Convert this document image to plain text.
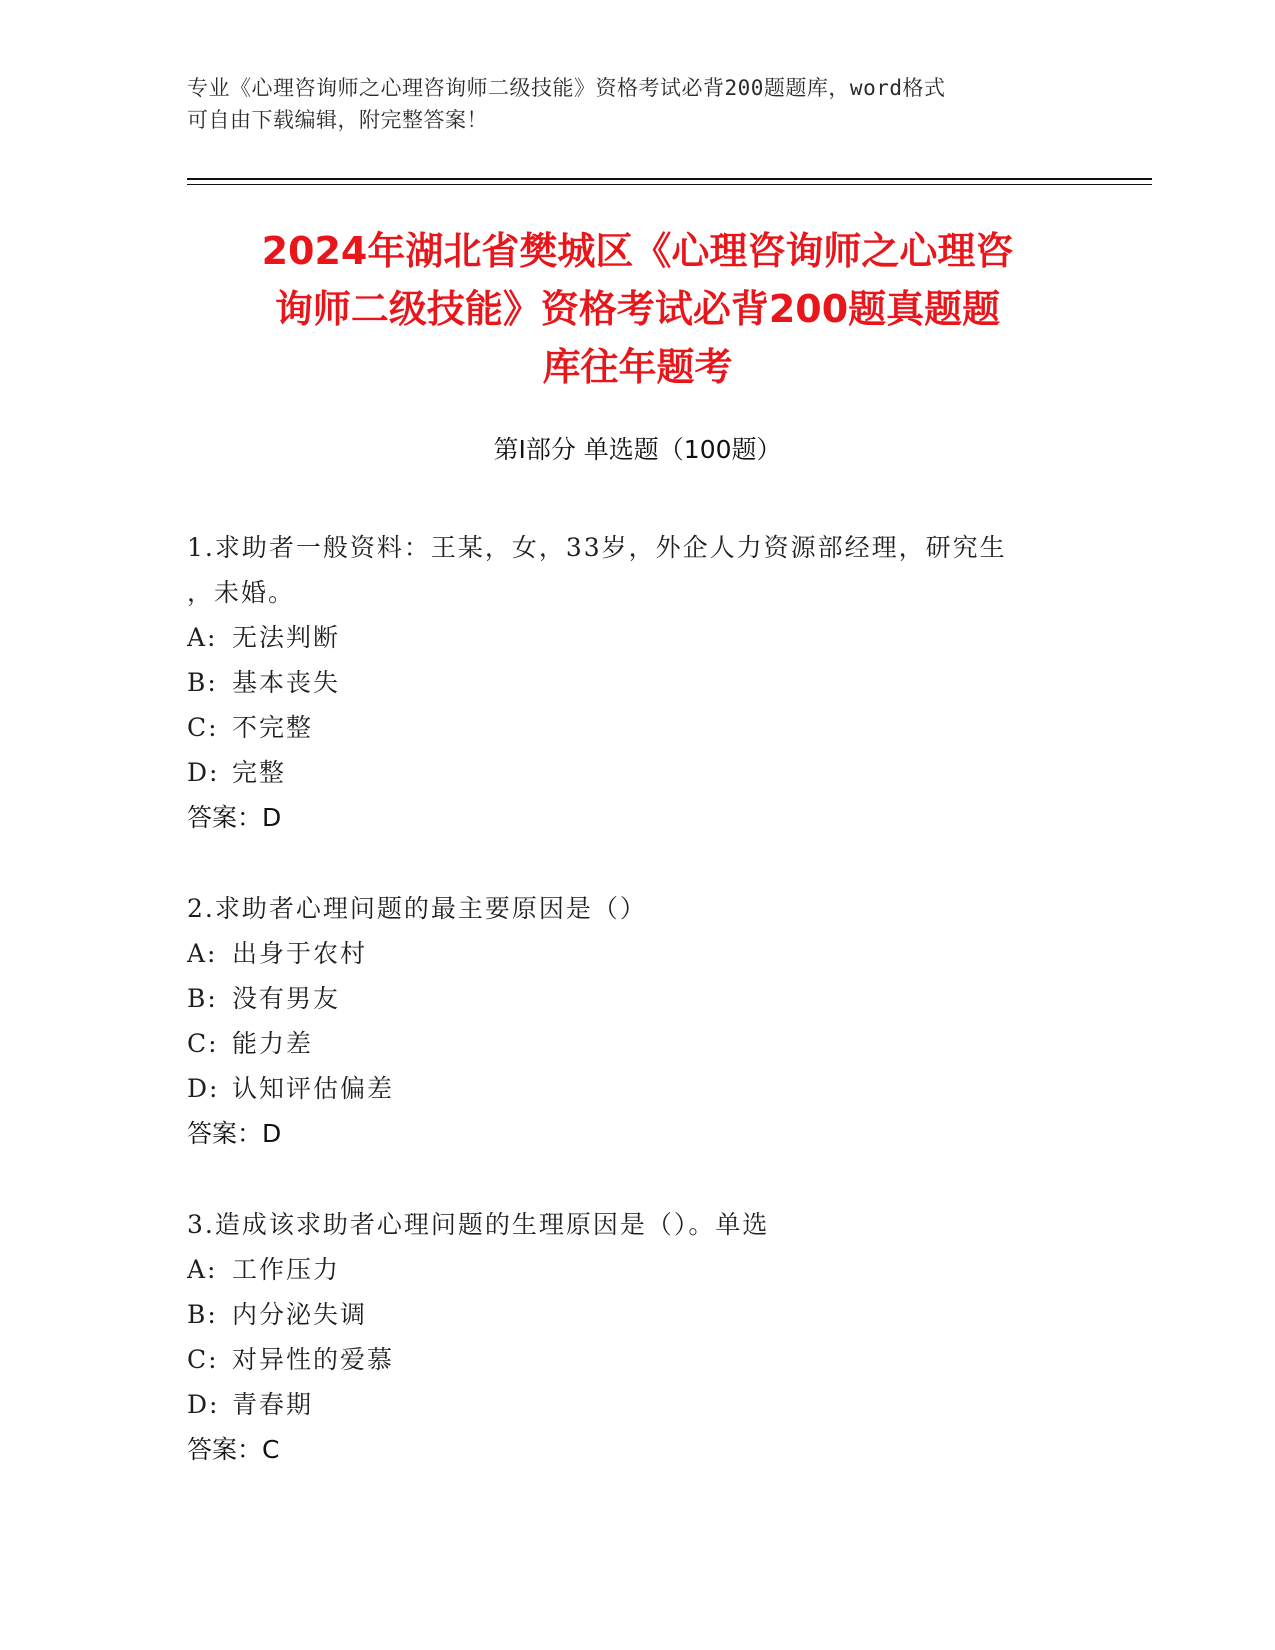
专业《心理咨询师之心理咨询师二级技能》资格考试必背200题题库，word格式
可自由下载编辑，附完整答案！
2024年湖北省樊城区《心理咨询师之心理咨
询师二级技能》资格考试必背200题真题题
库往年题考
第Ⅰ部分 单选题（100题）
1.求助者一般资料：王某，女，33岁，外企人力资源部经理，研究生
，未婚。
A: 无法判断
B: 基本丧失
C: 不完整
D: 完整
答案：D
2.求助者心理问题的最主要原因是（）
A: 出身于农村
B: 没有男友
C: 能力差
D: 认知评估偏差
答案：D
3.造成该求助者心理问题的生理原因是（）。单选
A: 工作压力
B: 内分泌失调
C: 对异性的爱慕
D: 青春期
答案：C
